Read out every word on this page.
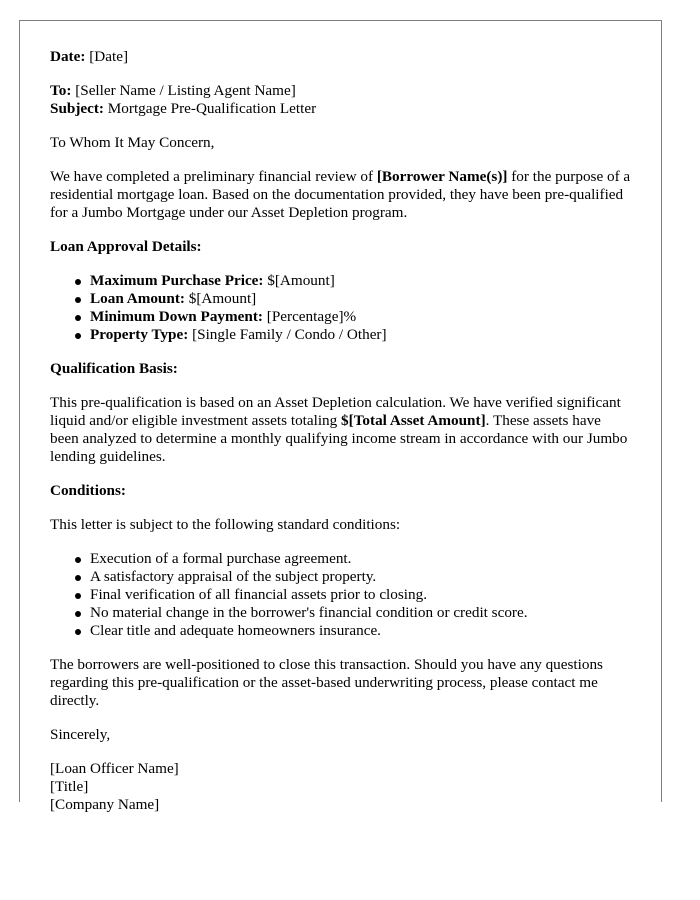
Date: [Date]

To: [Seller Name / Listing Agent Name]

Subject: Mortgage Pre-Qualification Letter

To Whom It May Concern,

We have completed a preliminary financial review of [Borrower Name(s)] for the purpose of a residential mortgage loan. Based on the documentation provided, they have been pre-qualified for a Jumbo Mortgage under our Asset Depletion program.

Loan Approval Details:

Maximum Purchase Price: $[Amount]
Loan Amount: $[Amount]
Minimum Down Payment: [Percentage]%
Property Type: [Single Family / Condo / Other]

Qualification Basis:

This pre-qualification is based on an Asset Depletion calculation. We have verified significant liquid and/or eligible investment assets totaling $[Total Asset Amount]. These assets have been analyzed to determine a monthly qualifying income stream in accordance with our Jumbo lending guidelines.

Conditions:

This letter is subject to the following standard conditions:

Execution of a formal purchase agreement.
A satisfactory appraisal of the subject property.
Final verification of all financial assets prior to closing.
No material change in the borrower's financial condition or credit score.
Clear title and adequate homeowners insurance.

The borrowers are well-positioned to close this transaction. Should you have any questions regarding this pre-qualification or the asset-based underwriting process, please contact me directly.

Sincerely,

[Loan Officer Name]

[Title]

[Company Name]
